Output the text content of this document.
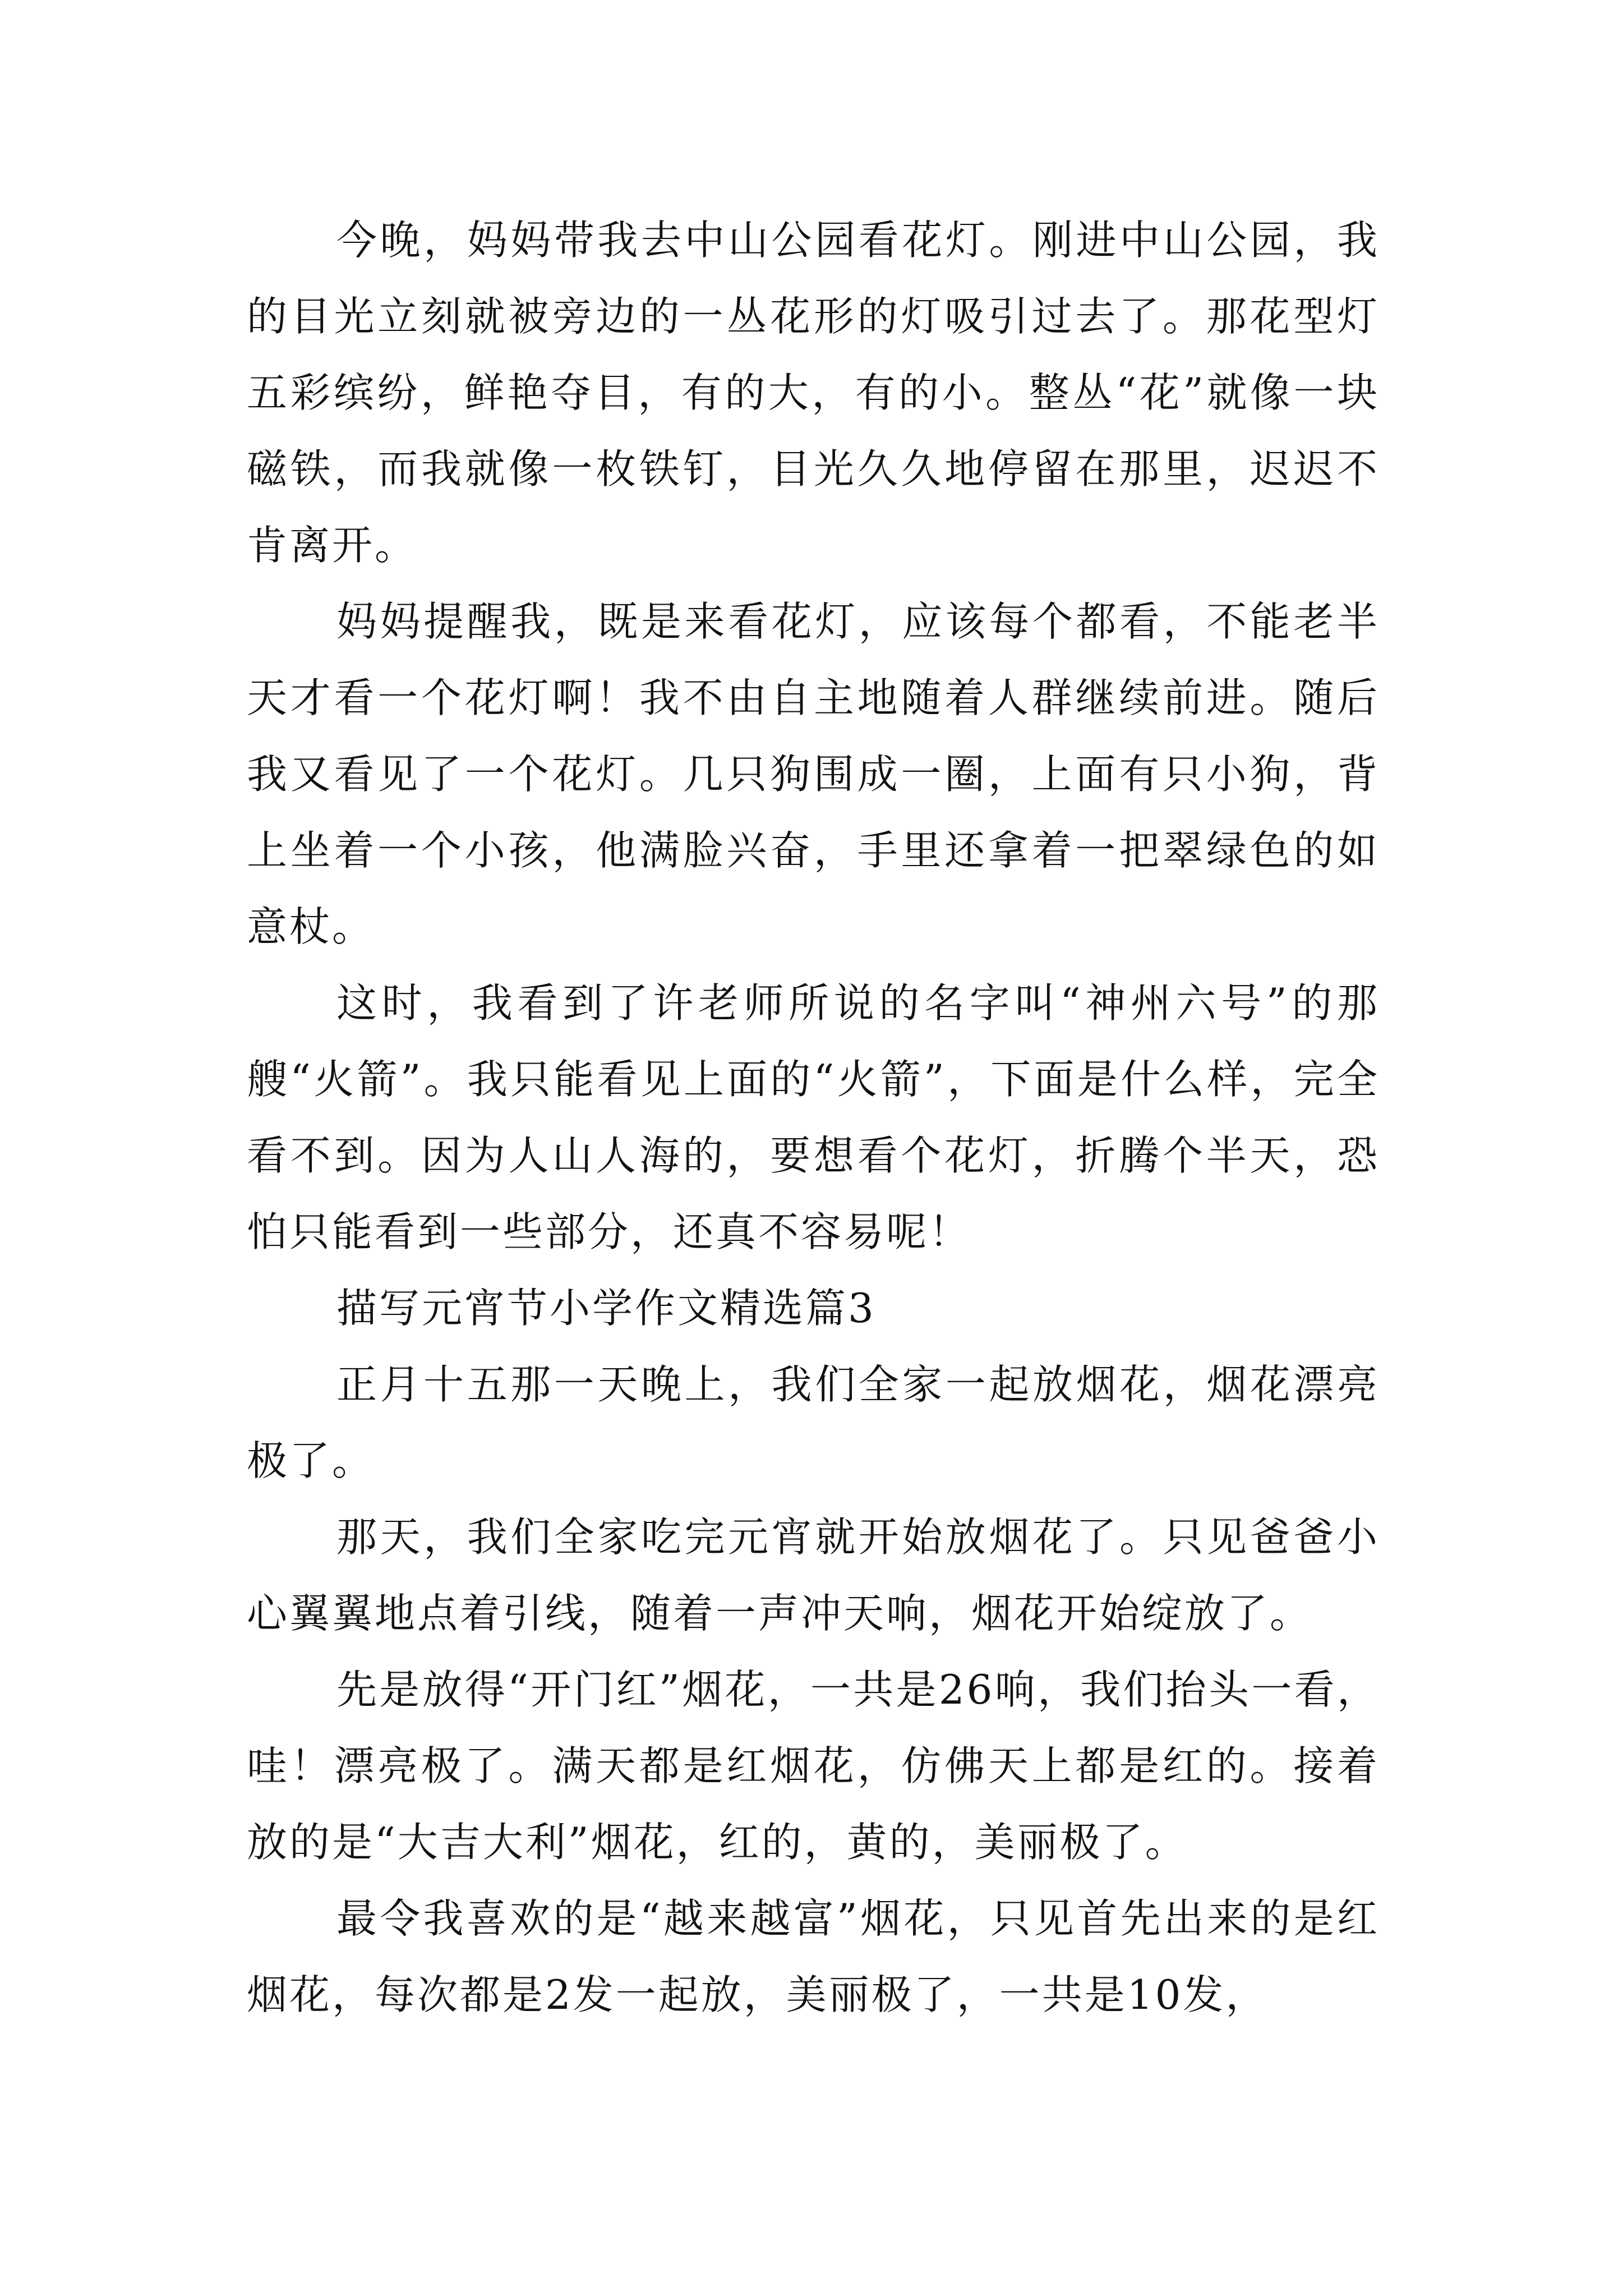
今晚，妈妈带我去中山公园看花灯。刚进中山公园，我的目光立刻就被旁边的一丛花形的灯吸引过去了。那花型灯五彩缤纷，鲜艳夺目，有的大，有的小。整丛“花”就像一块磁铁，而我就像一枚铁钉，目光久久地停留在那里，迟迟不肯离开。

妈妈提醒我，既是来看花灯，应该每个都看，不能老半天才看一个花灯啊！我不由自主地随着人群继续前进。随后我又看见了一个花灯。几只狗围成一圈，上面有只小狗，背上坐着一个小孩，他满脸兴奋，手里还拿着一把翠绿色的如意杖。

这时，我看到了许老师所说的名字叫“神州六号”的那艘“火箭”。我只能看见上面的“火箭”，下面是什么样，完全看不到。因为人山人海的，要想看个花灯，折腾个半天，恐怕只能看到一些部分，还真不容易呢！

描写元宵节小学作文精选篇3

正月十五那一天晚上，我们全家一起放烟花，烟花漂亮极了。

那天，我们全家吃完元宵就开始放烟花了。只见爸爸小心翼翼地点着引线，随着一声冲天响，烟花开始绽放了。

先是放得“开门红”烟花，一共是26响，我们抬头一看，哇！漂亮极了。满天都是红烟花，仿佛天上都是红的。接着放的是“大吉大利”烟花，红的，黄的，美丽极了。

最令我喜欢的是“越来越富”烟花，只见首先出来的是红烟花，每次都是2发一起放，美丽极了，一共是10发，
